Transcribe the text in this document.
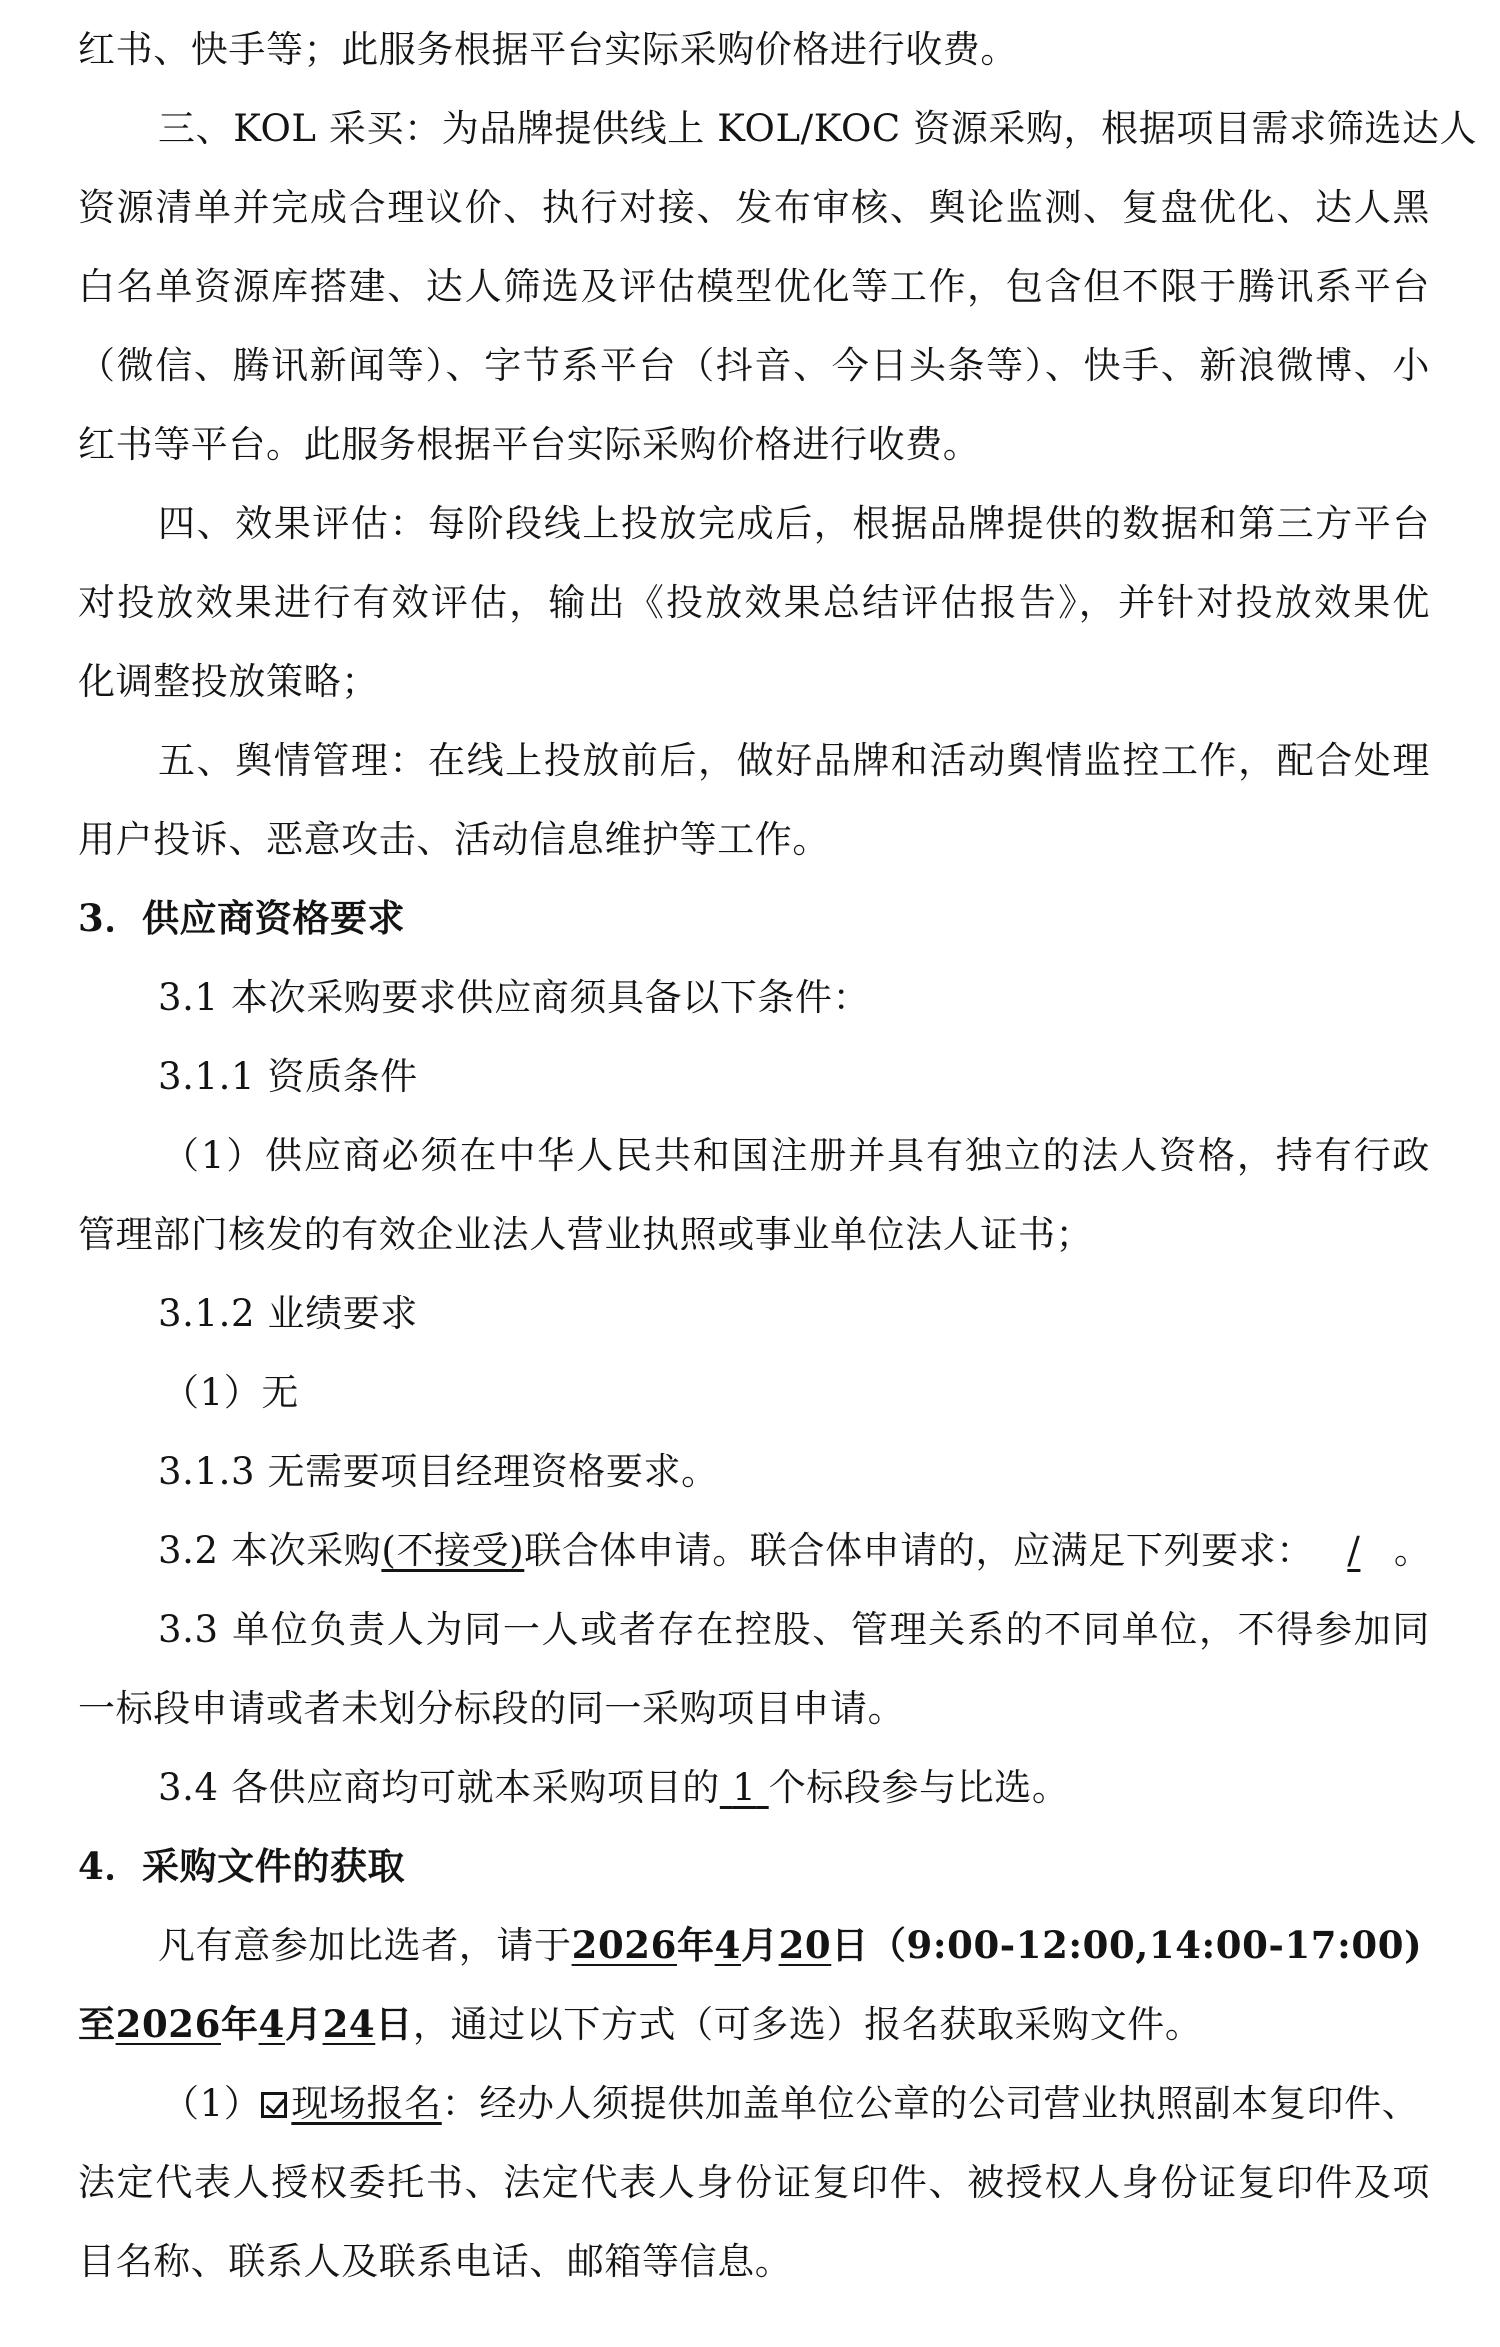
红书、快手等；此服务根据平台实际采购价格进行收费。
三、KOL 采买：为品牌提供线上 KOL/KOC 资源采购，根据项目需求筛选达人
资源清单并完成合理议价、执行对接、发布审核、舆论监测、复盘优化、达人黑
白名单资源库搭建、达人筛选及评估模型优化等工作，包含但不限于腾讯系平台
（微信、腾讯新闻等）、字节系平台（抖音、今日头条等）、快手、新浪微博、小
红书等平台。此服务根据平台实际采购价格进行收费。
四、效果评估：每阶段线上投放完成后，根据品牌提供的数据和第三方平台
对投放效果进行有效评估，输出《投放效果总结评估报告》，并针对投放效果优
化调整投放策略；
五、舆情管理：在线上投放前后，做好品牌和活动舆情监控工作，配合处理
用户投诉、恶意攻击、活动信息维护等工作。
3．供应商资格要求
3.1 本次采购要求供应商须具备以下条件：
3.1.1 资质条件
（1）供应商必须在中华人民共和国注册并具有独立的法人资格，持有行政
管理部门核发的有效企业法人营业执照或事业单位法人证书；
3.1.2 业绩要求
（1）无
3.1.3 无需要项目经理资格要求。
3.2 本次采购(不接受)联合体申请。联合体申请的，应满足下列要求： / 。
3.3 单位负责人为同一人或者存在控股、管理关系的不同单位，不得参加同
一标段申请或者未划分标段的同一采购项目申请。
3.4 各供应商均可就本采购项目的 1 个标段参与比选。
4．采购文件的获取
凡有意参加比选者，请于2026年4月20日（9:00-12:00,14:00-17:00)
至2026年4月24日，通过以下方式（可多选）报名获取采购文件。
（1） 现场报名：经办人须提供加盖单位公章的公司营业执照副本复印件、
法定代表人授权委托书、法定代表人身份证复印件、被授权人身份证复印件及项
目名称、联系人及联系电话、邮箱等信息。
